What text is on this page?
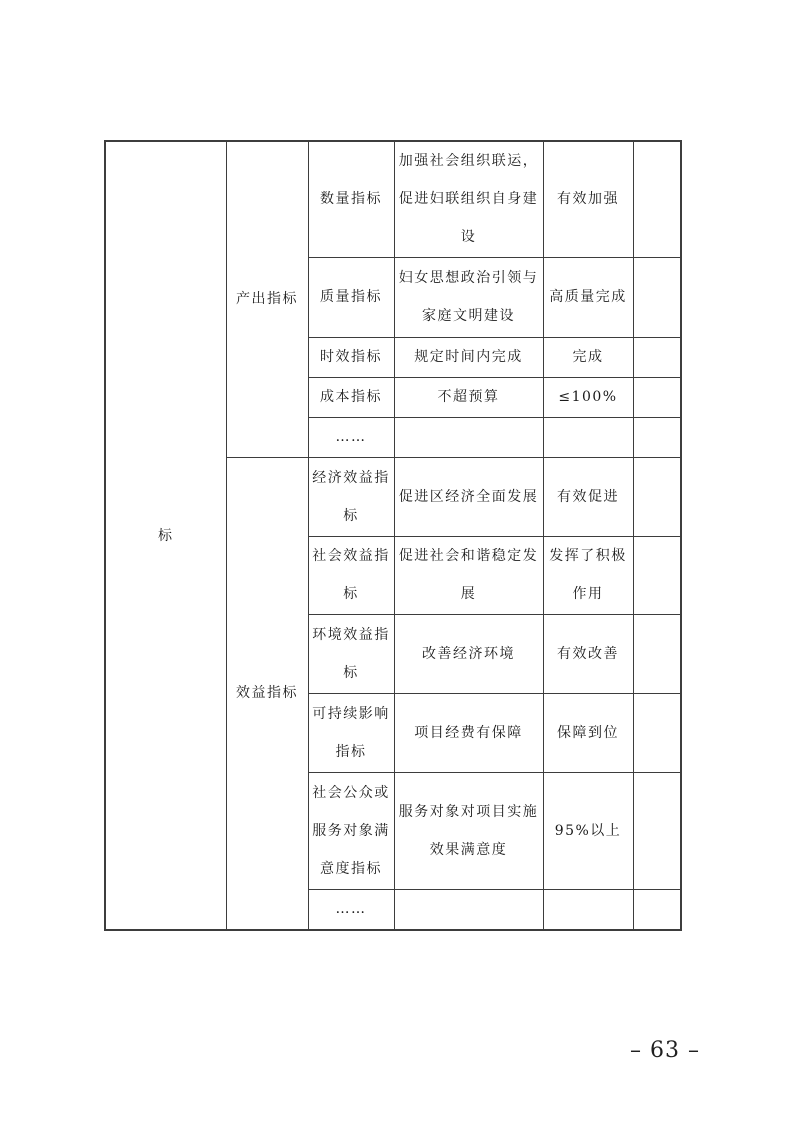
标	产出指标	数量指标	加强社会组织联运，促进妇联组织自身建设	有效加强	
		质量指标	妇女思想政治引领与家庭文明建设	高质量完成	
		时效指标	规定时间内完成	完成	
		成本指标	不超预算	≤100%	
		……			
	效益指标	经济效益指标	促进区经济全面发展	有效促进	
		社会效益指标	促进社会和谐稳定发展	发挥了积极作用	
		环境效益指标	改善经济环境	有效改善	
		可持续影响指标	项目经费有保障	保障到位	
		社会公众或服务对象满意度指标	服务对象对项目实施效果满意度	95%以上	
		……			
– 63 –
